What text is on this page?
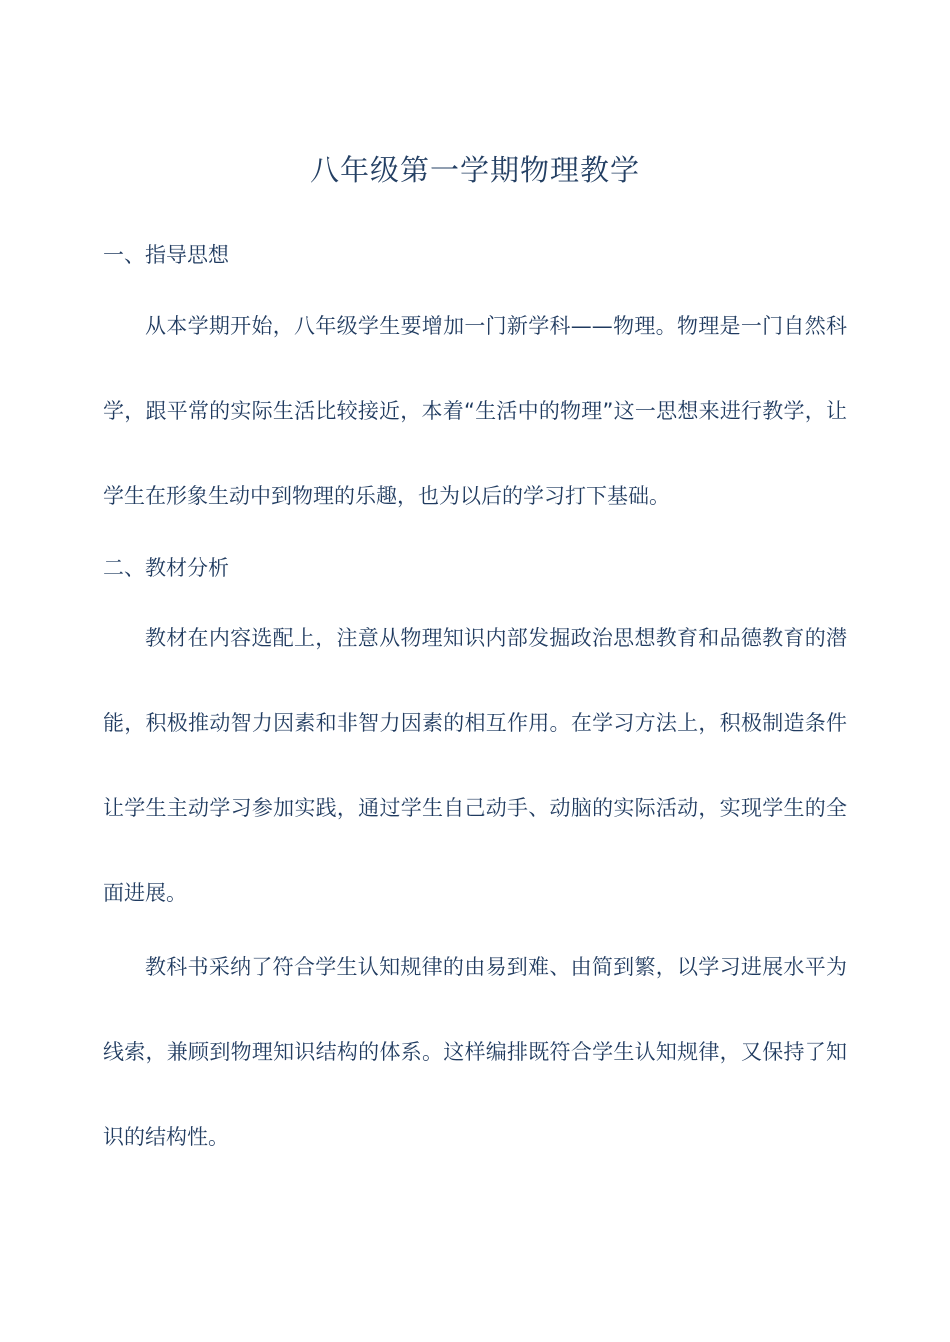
八年级第一学期物理教学
一、指导思想

从本学期开始，八年级学生要增加一门新学科——物理。物理是一门自然科学，跟平常的实际生活比较接近，本着“生活中的物理”这一思想来进行教学，让学生在形象生动中到物理的乐趣，也为以后的学习打下基础。

二、教材分析

教材在内容选配上，注意从物理知识内部发掘政治思想教育和品德教育的潜能，积极推动智力因素和非智力因素的相互作用。在学习方法上，积极制造条件让学生主动学习参加实践，通过学生自己动手、动脑的实际活动，实现学生的全面进展。

教科书采纳了符合学生认知规律的由易到难、由简到繁，以学习进展水平为线索，兼顾到物理知识结构的体系。这样编排既符合学生认知规律，又保持了知识的结构性。
